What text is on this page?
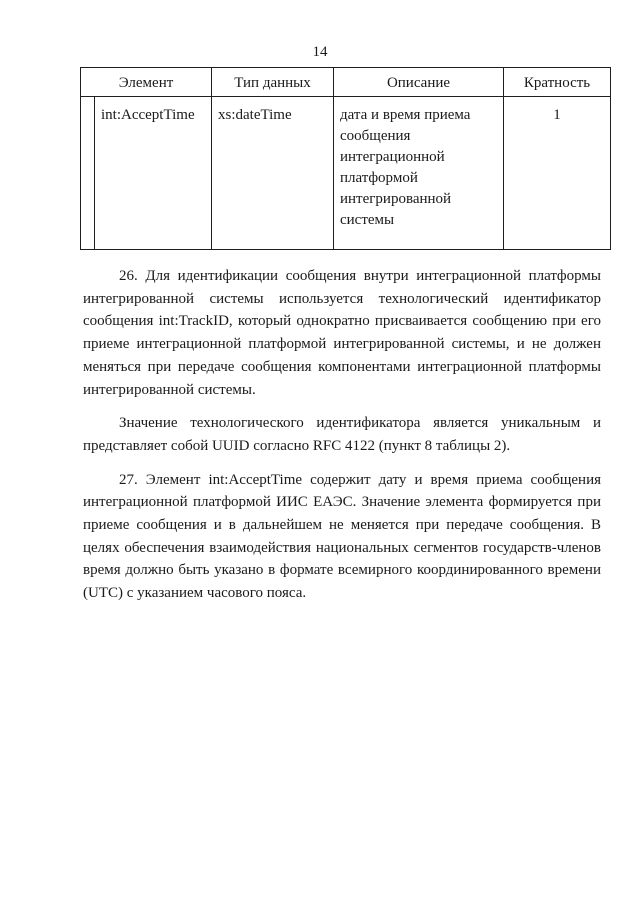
14
Элемент		Тип данных	Описание	Кратность
	int:AcceptTime	xs:dateTime	дата и время приема сообщения интеграционной платформой интегрированной системы	1

26. Для идентификации сообщения внутри интеграционной платформы интегрированной системы используется технологический идентификатор сообщения int:TrackID, который однократно присваивается сообщению при его приеме интеграционной платформой интегрированной системы, и не должен меняться при передаче сообщения компонентами интеграционной платформы интегрированной системы.

Значение технологического идентификатора является уникальным и представляет собой UUID согласно RFC 4122 (пункт 8 таблицы 2).

27. Элемент int:AcceptTime содержит дату и время приема сообщения интеграционной платформой ИИС ЕАЭС. Значение элемента формируется при приеме сообщения и в дальнейшем не меняется при передаче сообщения. В целях обеспечения взаимодействия национальных сегментов государств-членов время должно быть указано в формате всемирного координированного времени (UTC) с указанием часового пояса.
